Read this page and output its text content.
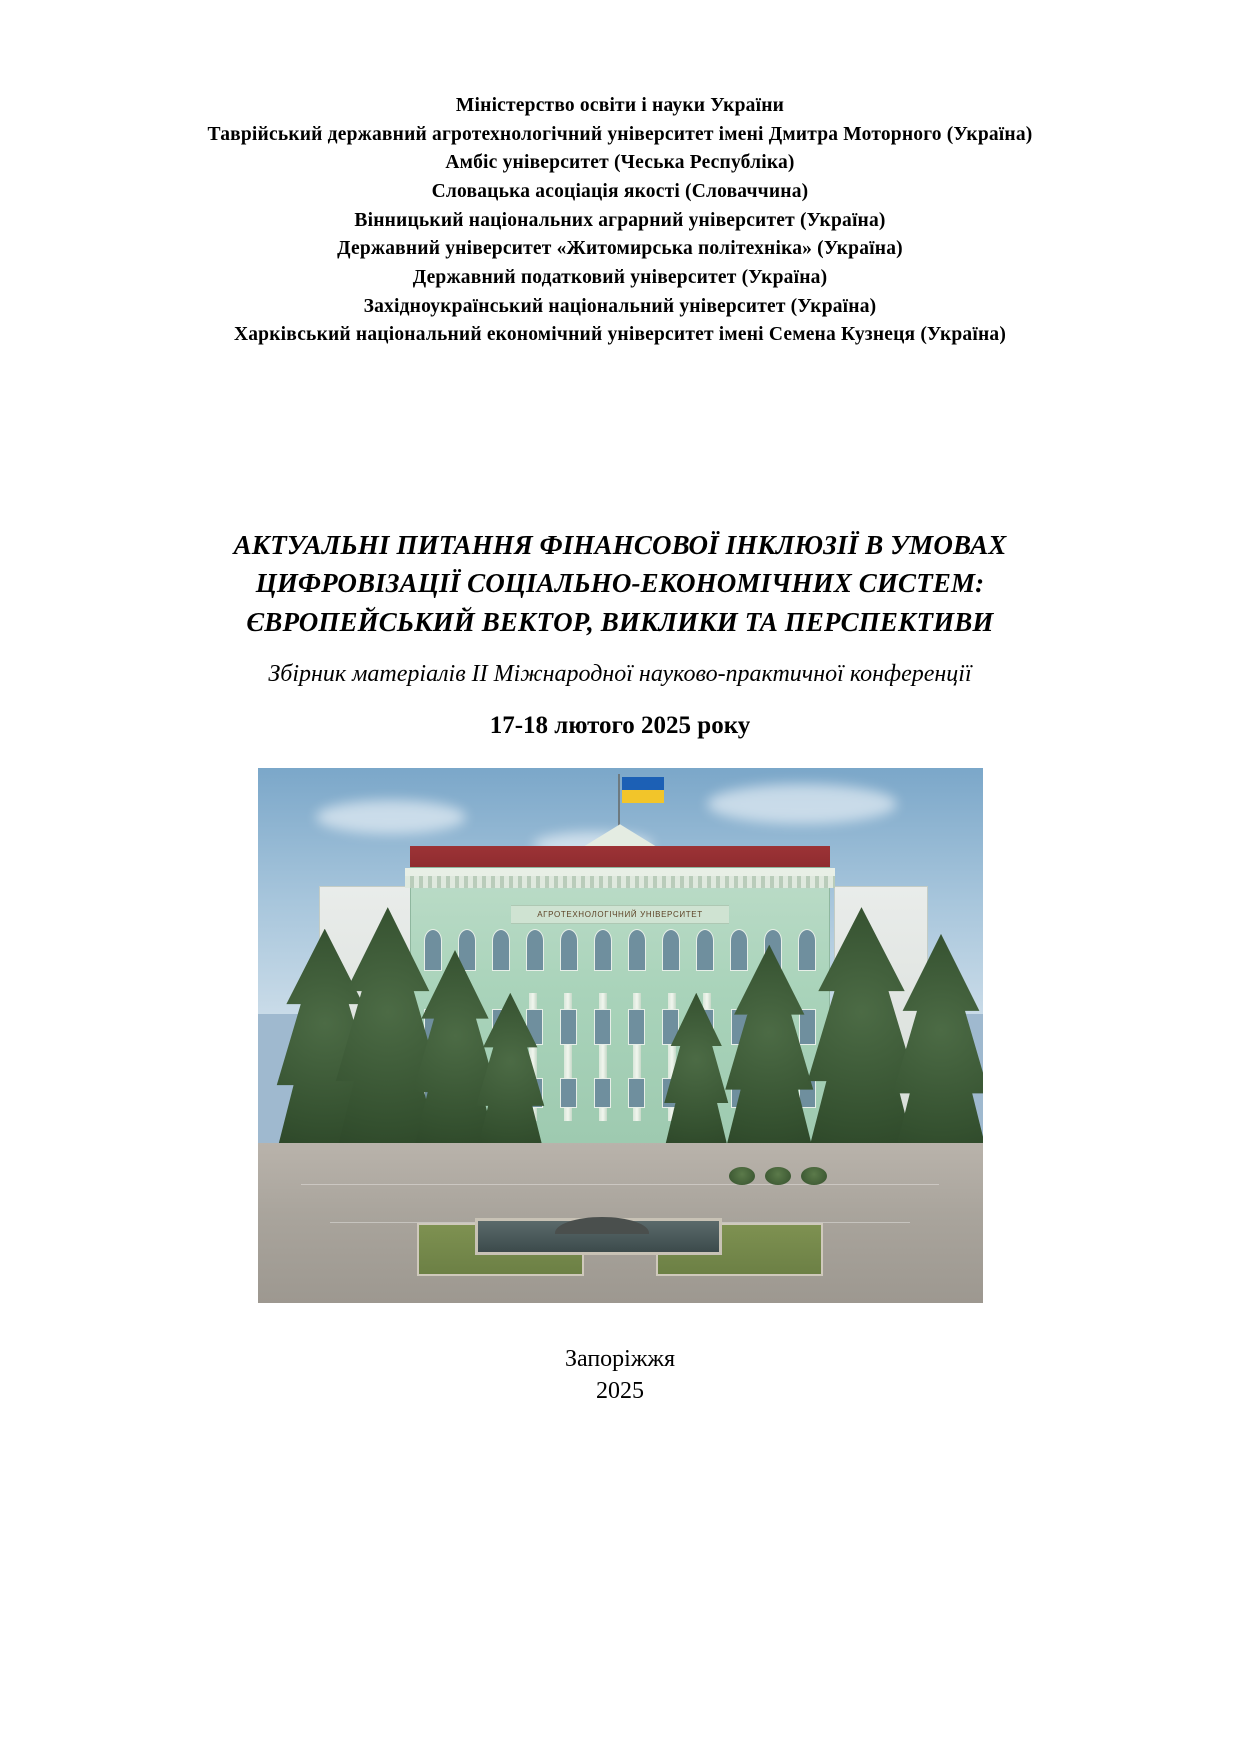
Міністерство освіти і науки України
Таврійський державний агротехнологічний університет імені Дмитра Моторного (Україна)
Амбіс університет (Чеська Республіка)
Словацька асоціація якості (Словаччина)
Вінницький національних аграрний університет (Україна)
Державний університет «Житомирська політехніка» (Україна)
Державний податковий університет (Україна)
Західноукраїнський національний університет (Україна)
Харківський національний економічний університет імені Семена Кузнеця (Україна)
АКТУАЛЬНІ ПИТАННЯ ФІНАНСОВОЇ ІНКЛЮЗІЇ В УМОВАХ
ЦИФРОВІЗАЦІЇ СОЦІАЛЬНО-ЕКОНОМІЧНИХ СИСТЕМ:
ЄВРОПЕЙСЬКИЙ ВЕКТОР, ВИКЛИКИ ТА ПЕРСПЕКТИВИ
Збірник матеріалів ІІ Міжнародної науково-практичної конференції
17-18 лютого 2025 року
АГРОТЕХНОЛОГІЧНИЙ УНІВЕРСИТЕТ
Запоріжжя
2025
